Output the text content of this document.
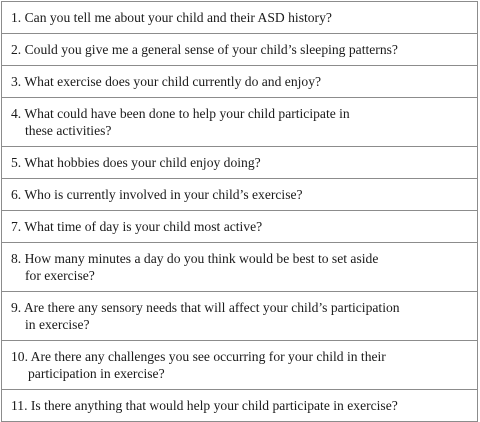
1. Can you tell me about your child and their ASD history?

2. Could you give me a general sense of your child’s sleeping patterns?

3. What exercise does your child currently do and enjoy?

4. What could have been done to help your child participate in
these activities?

5. What hobbies does your child enjoy doing?

6. Who is currently involved in your child’s exercise?

7. What time of day is your child most active?

8. How many minutes a day do you think would be best to set aside
for exercise?

9. Are there any sensory needs that will affect your child’s participation
in exercise?

10. Are there any challenges you see occurring for your child in their
participation in exercise?

11. Is there anything that would help your child participate in exercise?
